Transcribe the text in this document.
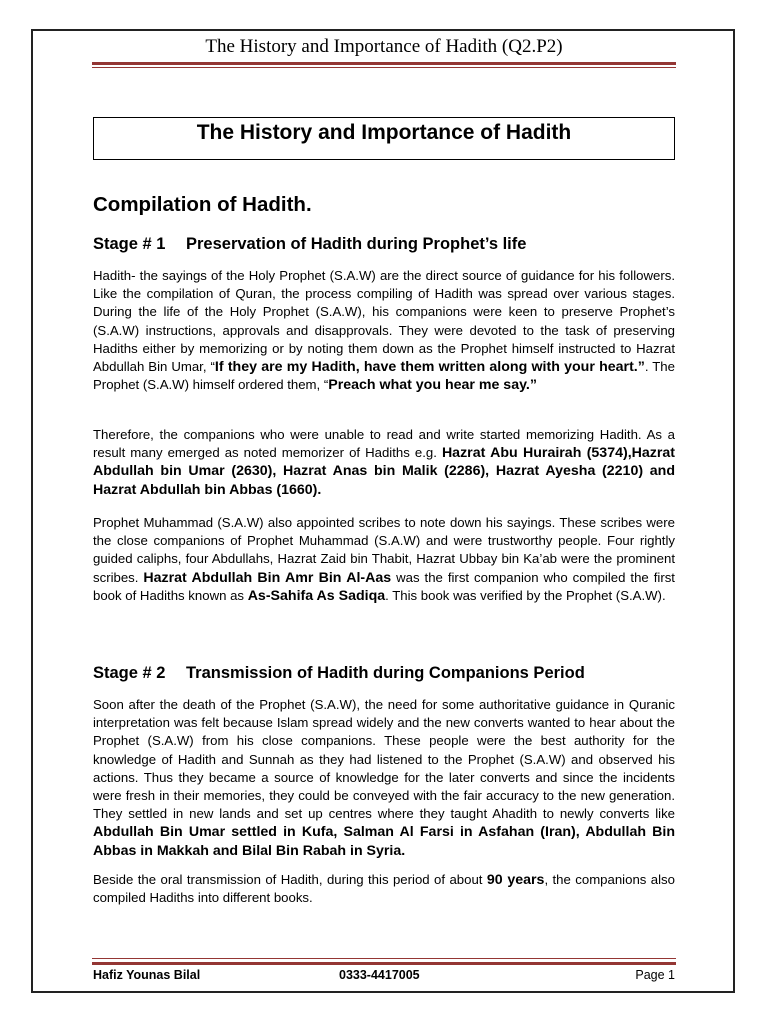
The History and Importance of Hadith (Q2.P2)
The History and Importance of Hadith
Compilation of Hadith.
Stage # 1 Preservation of Hadith during Prophet’s life

Hadith- the sayings of the Holy Prophet (S.A.W) are the direct source of guidance for his followers. Like the compilation of Quran, the process compiling of Hadith was spread over various stages. During the life of the Holy Prophet (S.A.W), his companions were keen to preserve Prophet’s (S.A.W) instructions, approvals and disapprovals. They were devoted to the task of preserving Hadiths either by memorizing or by noting them down as the Prophet himself instructed to Hazrat Abdullah Bin Umar, “If they are my Hadith, have them written along with your heart.”. The Prophet (S.A.W) himself ordered them, “Preach what you hear me say.”

Therefore, the companions who were unable to read and write started memorizing Hadith. As a result many emerged as noted memorizer of Hadiths e.g. Hazrat Abu Hurairah (5374),Hazrat Abdullah bin Umar (2630), Hazrat Anas bin Malik (2286), Hazrat Ayesha (2210) and Hazrat Abdullah bin Abbas (1660).

Prophet Muhammad (S.A.W) also appointed scribes to note down his sayings. These scribes were the close companions of Prophet Muhammad (S.A.W) and were trustworthy people. Four rightly guided caliphs, four Abdullahs, Hazrat Zaid bin Thabit, Hazrat Ubbay bin Ka’ab were the prominent scribes. Hazrat Abdullah Bin Amr Bin Al-Aas was the first companion who compiled the first book of Hadiths known as As-Sahifa As Sadiqa. This book was verified by the Prophet (S.A.W).

Stage # 2 Transmission of Hadith during Companions Period

Soon after the death of the Prophet (S.A.W), the need for some authoritative guidance in Quranic interpretation was felt because Islam spread widely and the new converts wanted to hear about the Prophet (S.A.W) from his close companions. These people were the best authority for the knowledge of Hadith and Sunnah as they had listened to the Prophet (S.A.W) and observed his actions. Thus they became a source of knowledge for the later converts and since the incidents were fresh in their memories, they could be conveyed with the fair accuracy to the new generation. They settled in new lands and set up centres where they taught Ahadith to newly converts like Abdullah Bin Umar settled in Kufa, Salman Al Farsi in Asfahan (Iran), Abdullah Bin Abbas in Makkah and Bilal Bin Rabah in Syria.

Beside the oral transmission of Hadith, during this period of about 90 years, the companions also compiled Hadiths into different books.

Hafiz Younas Bilal	0333-4417005	Page 1
